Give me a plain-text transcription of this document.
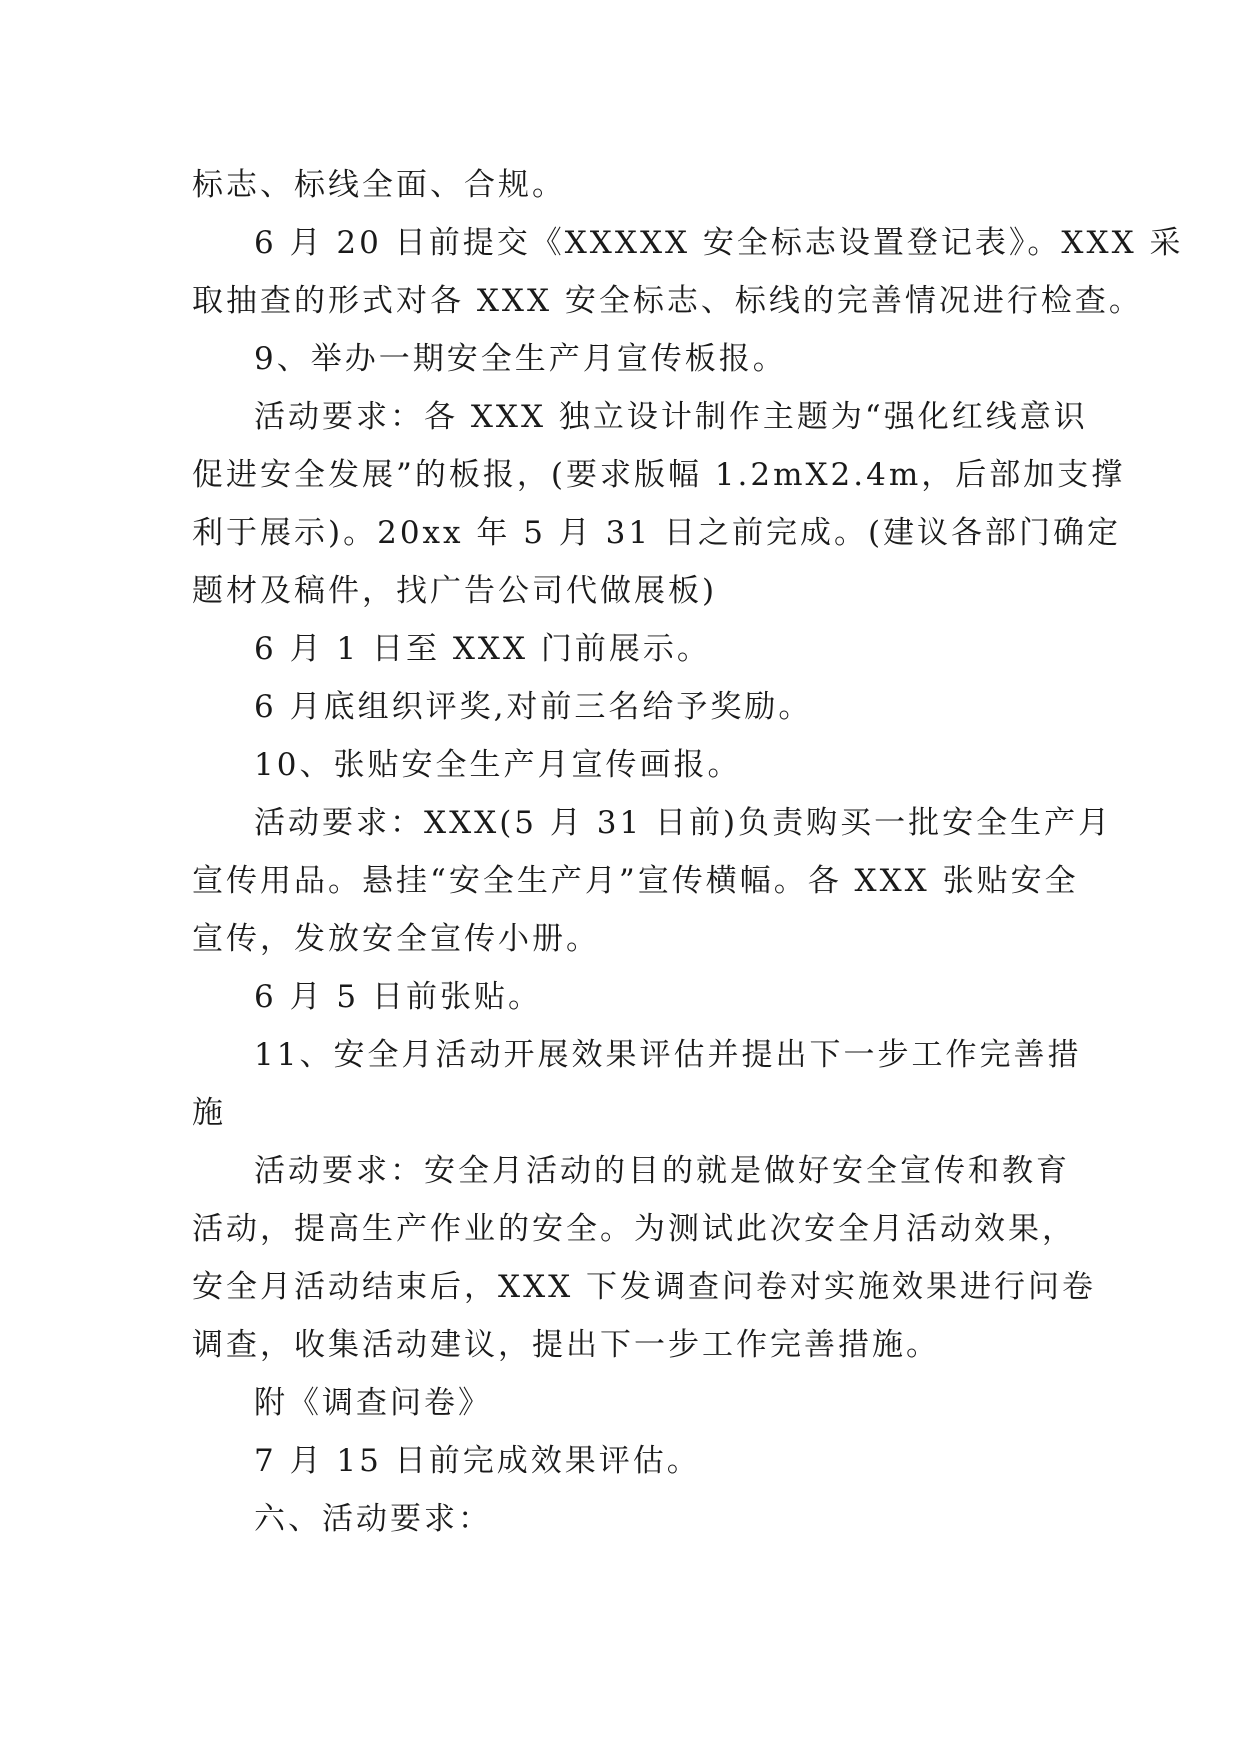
标志、标线全面、合规。
6 月 20 日前提交《XXXXX 安全标志设置登记表》。XXX 采
取抽查的形式对各 XXX 安全标志、标线的完善情况进行检查。
9、举办一期安全生产月宣传板报。
活动要求：各 XXX 独立设计制作主题为“强化红线意识
促进安全发展”的板报，(要求版幅 1.2mX2.4m，后部加支撑
利于展示)。20xx 年 5 月 31 日之前完成。(建议各部门确定
题材及稿件，找广告公司代做展板)
6 月 1 日至 XXX 门前展示。
6 月底组织评奖,对前三名给予奖励。
10、张贴安全生产月宣传画报。
活动要求：XXX(5 月 31 日前)负责购买一批安全生产月
宣传用品。悬挂“安全生产月”宣传横幅。各 XXX 张贴安全
宣传，发放安全宣传小册。
6 月 5 日前张贴。
11、安全月活动开展效果评估并提出下一步工作完善措
施
活动要求：安全月活动的目的就是做好安全宣传和教育
活动，提高生产作业的安全。为测试此次安全月活动效果，
安全月活动结束后，XXX 下发调查问卷对实施效果进行问卷
调查，收集活动建议，提出下一步工作完善措施。
附《调查问卷》
7 月 15 日前完成效果评估。
六、活动要求：
